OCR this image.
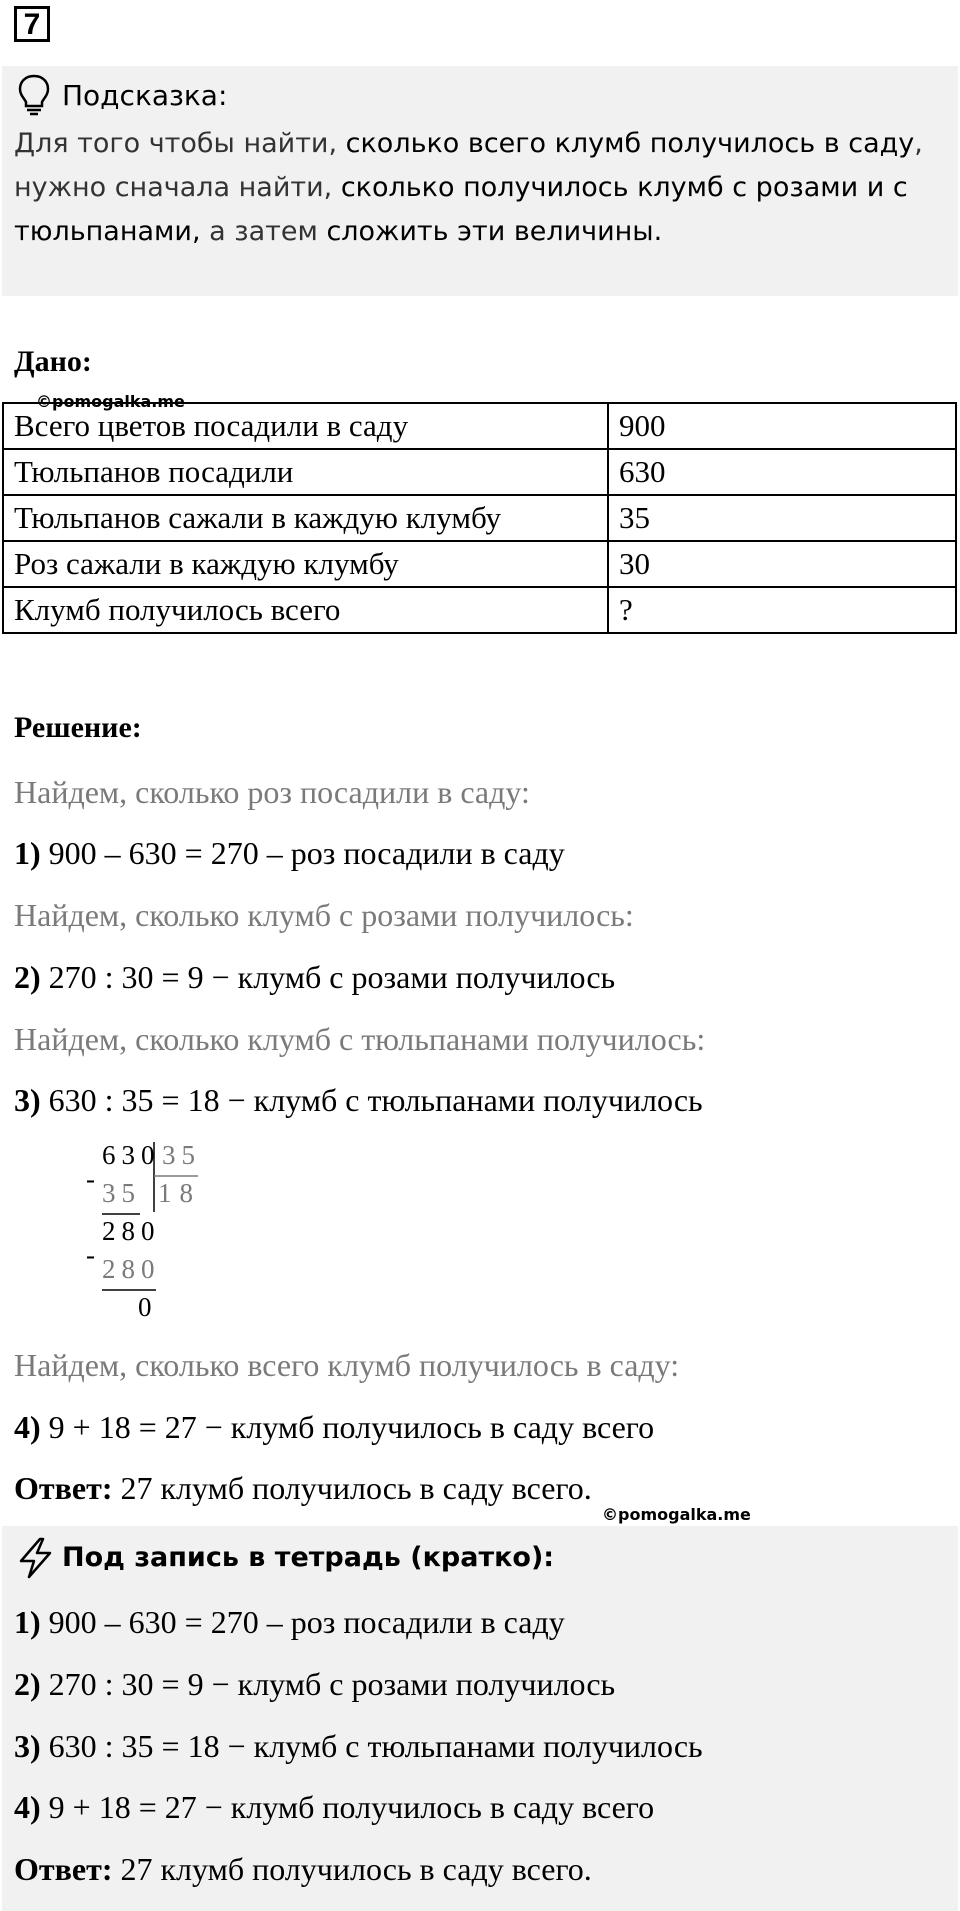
7
Подсказка:
Для того чтобы найти, сколько всего клумб получилось в саду, нужно сначала найти, сколько получилось клумб с розами и с тюльпанами, а затем сложить эти величины.
Дано:
Всего цветов посадили в саду	900
Тюльпанов посадили	630
Тюльпанов сажали в каждую клумбу	35
Роз сажали в каждую клумбу	30
Клумб получилось всего	?
©pomogalka.me
Решение:
Найдем, сколько роз посадили в саду:
1) 900 – 630 = 270 – роз посадили в саду
Найдем, сколько клумб с розами получилось:
2) 270 : 30 = 9 − клумб с розами получилось
Найдем, сколько клумб с тюльпанами получилось:
3) 630 : 35 = 18 − клумб с тюльпанами получилось
630 35
- 35 18
280
- 280
0
Найдем, сколько всего клумб получилось в саду:
4) 9 + 18 = 27 − клумб получилось в саду всего
Ответ: 27 клумб получилось в саду всего.
©pomogalka.me
Под запись в тетрадь (кратко):
1) 900 – 630 = 270 – роз посадили в саду
2) 270 : 30 = 9 − клумб с розами получилось
3) 630 : 35 = 18 − клумб с тюльпанами получилось
4) 9 + 18 = 27 − клумб получилось в саду всего
Ответ: 27 клумб получилось в саду всего.
